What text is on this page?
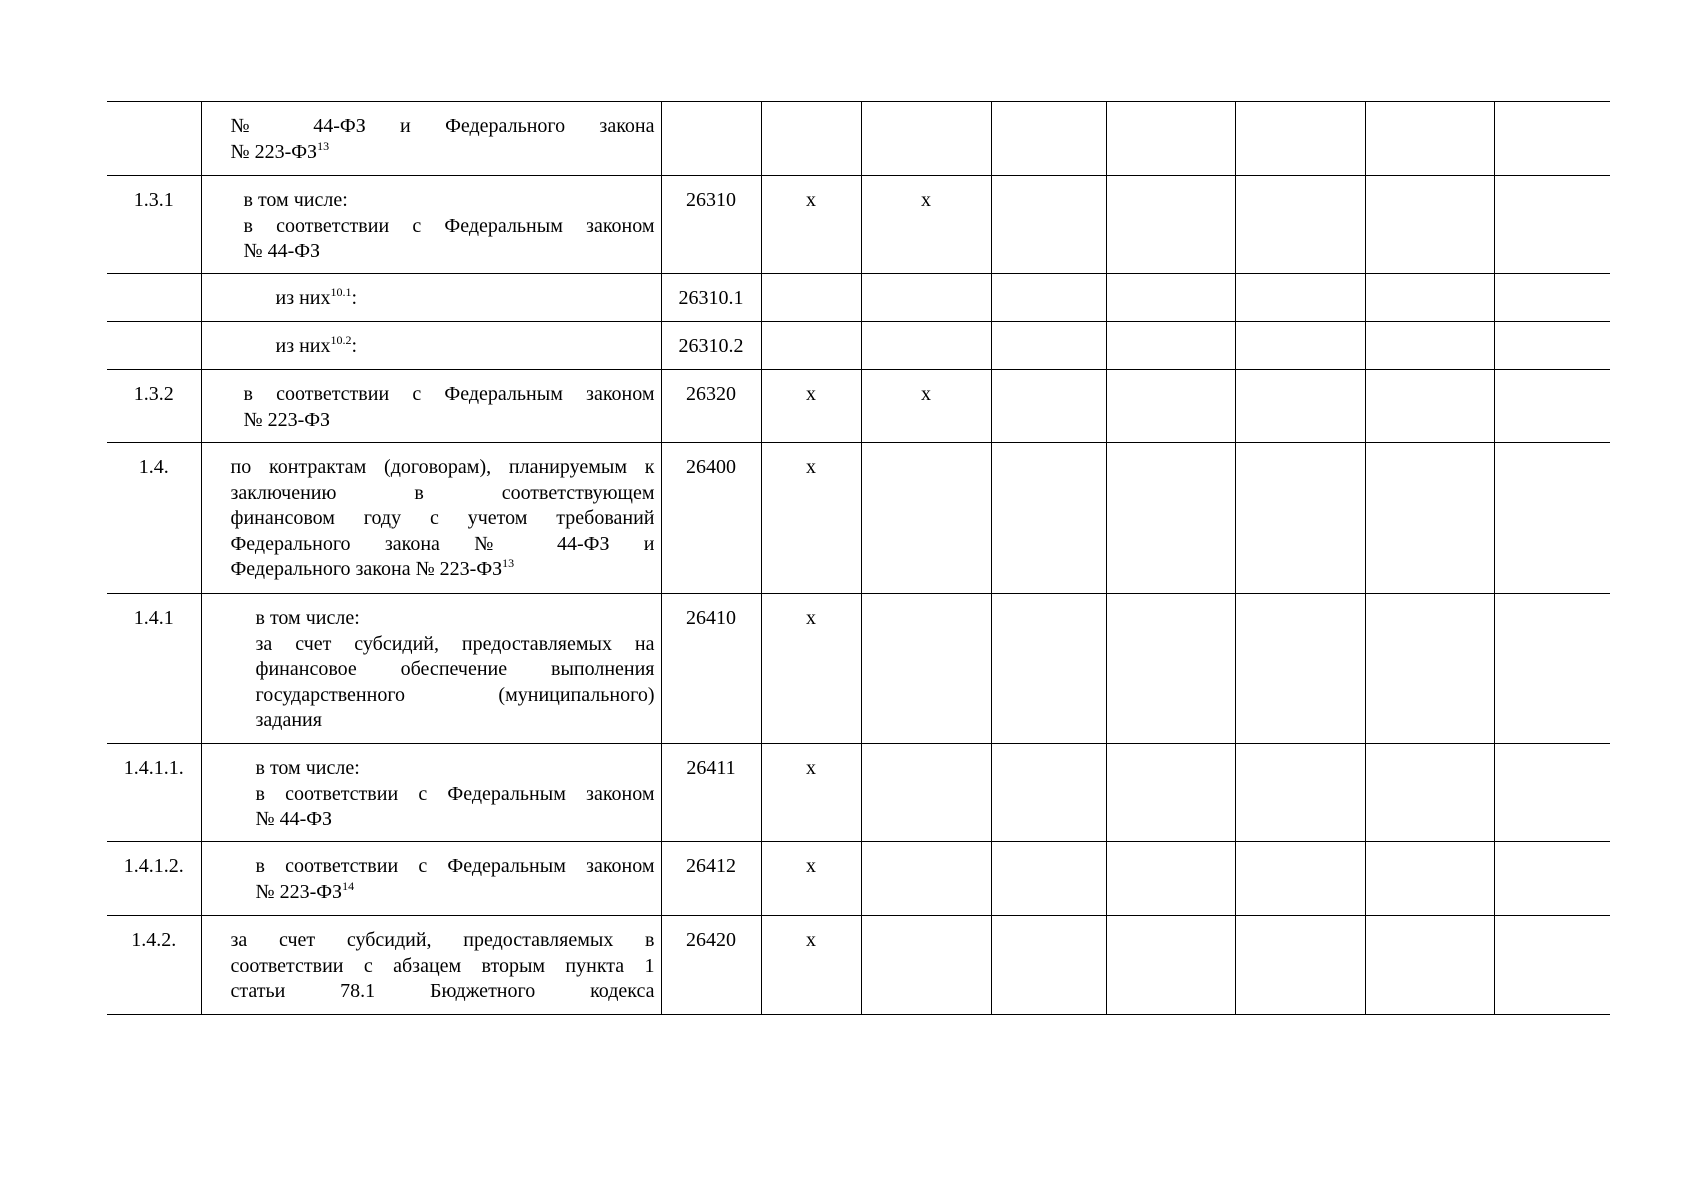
	№ 44-ФЗ и Федерального закона
№ 223-ФЗ$^{13}$

1.3.1	в том числе:
в соответствии с Федеральным законом
№ 44-ФЗ	26310	x	x					

	из них$^{10.1}$:	26310.1							

	из них$^{10.2}$:	26310.2							
1.3.2	в соответствии с Федеральным законом
№ 223-ФЗ	26320	x	x					
1.4.	по контрактам (договорам), планируемым к
заключению в соответствующем
финансовом году с учетом требований
Федерального закона № 44-ФЗ и
Федерального закона № 223-ФЗ$^{13}$	26400	x						
1.4.1	в том числе:
за счет субсидий, предоставляемых на
финансовое обеспечение выполнения
государственного (муниципального)
задания	26410	x						
1.4.1.1.	в том числе:
в соответствии с Федеральным законом
№ 44-ФЗ	26411	x						
1.4.1.2.	в соответствии с Федеральным законом
№ 223-ФЗ$^{14}$	26412	x						
1.4.2.	за счет субсидий, предоставляемых в
соответствии с абзацем вторым пункта 1
статьи 78.1 Бюджетного кодекса	26420	x						
